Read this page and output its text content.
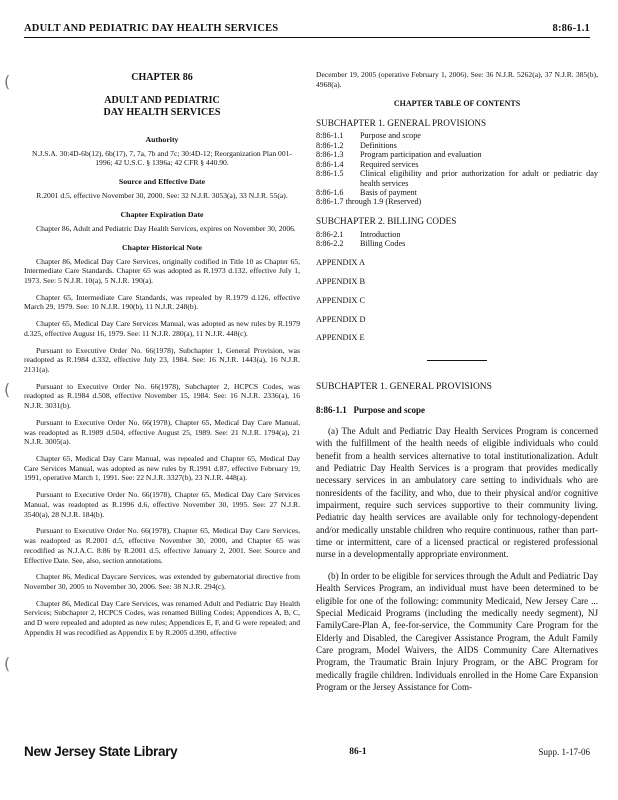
ADULT AND PEDIATRIC DAY HEALTH SERVICES	8:86-1.1
(
(
(
CHAPTER 86
ADULT AND PEDIATRIC
DAY HEALTH SERVICES
Authority
N.J.S.A. 30:4D-6b(12), 6b(17), 7, 7a, 7b and 7c; 30:4D-12; Reorganization Plan 001-1996; 42 U.S.C. § 1396a; 42 CFR § 440.90.
Source and Effective Date
R.2001 d.5, effective November 30, 2000. See: 32 N.J.R. 3053(a), 33 N.J.R. 55(a).
Chapter Expiration Date
Chapter 86, Adult and Pediatric Day Health Services, expires on November 30, 2006.
Chapter Historical Note
Chapter 86, Medical Day Care Services, originally codified in Title 10 as Chapter 65, Intermediate Care Standards. Chapter 65 was adopted as R.1973 d.132, effective July 1, 1973. See: 5 N.J.R. 10(a), 5 N.J.R. 190(a).
Chapter 65, Intermediate Care Standards, was repealed by R.1979 d.126, effective March 29, 1979. See: 10 N.J.R. 190(b), 11 N.J.R. 248(b).
Chapter 65, Medical Day Care Services Manual, was adopted as new rules by R.1979 d.325, effective August 16, 1979. See: 11 N.J.R. 280(a), 11 N.J.R. 448(c).
Pursuant to Executive Order No. 66(1978), Subchapter 1, General Provision, was readopted as R.1984 d.332, effective July 23, 1984. See: 16 N.J.R. 1443(a), 16 N.J.R. 2131(a).
Pursuant to Executive Order No. 66(1978), Subchapter 2, HCPCS Codes, was readopted as R.1984 d.508, effective November 15, 1984. See: 16 N.J.R. 2336(a), 16 N.J.R. 3031(b).
Pursuant to Executive Order No. 66(1978), Chapter 65, Medical Day Care Manual, was readopted as R.1989 d.504, effective August 25, 1989. See: 21 N.J.R. 1794(a), 21 N.J.R. 3005(a).
Chapter 65, Medical Day Care Manual, was repealed and Chapter 65, Medical Day Care Services Manual, was adopted as new rules by R.1991 d.87, effective February 19, 1991, operative March 1, 1991. See: 22 N.J.R. 3327(b), 23 N.J.R. 448(a).
Pursuant to Executive Order No. 66(1978), Chapter 65, Medical Day Care Services Manual, was readopted as R.1996 d.6, effective November 30, 1995. See: 27 N.J.R. 3540(a), 28 N.J.R. 184(b).
Pursuant to Executive Order No. 66(1978), Chapter 65, Medical Day Care Services, was readopted as R.2001 d.5, effective November 30, 2000, and Chapter 65 was recodified as N.J.A.C. 8:86 by R.2001 d.5, effective January 2, 2001. See: Source and Effective Date. See, also, section annotations.
Chapter 86, Medical Daycare Services, was extended by gubernatorial directive from November 30, 2005 to November 30, 2006. See: 38 N.J.R. 294(c).
Chapter 86, Medical Day Care Services, was renamed Adult and Pediatric Day Health Services; Subchapter 2, HCPCS Codes, was renamed Billing Codes; Appendices A, B, C, and D were repealed and adopted as new rules; Appendices E, F, and G were repealed; and Appendix H was recodified as Appendix E by R.2005 d.390, effective
December 19, 2005 (operative February 1, 2006). See: 36 N.J.R. 5262(a), 37 N.J.R. 385(b), 4968(a).
CHAPTER TABLE OF CONTENTS
SUBCHAPTER 1. GENERAL PROVISIONS
8:86-1.1	Purpose and scope
8:86-1.2	Definitions
8:86-1.3	Program participation and evaluation
8:86-1.4	Required services
8:86-1.5	Clinical eligibility and prior authorization for adult or pediatric day health services
8:86-1.6	Basis of payment
8:86-1.7 through 1.9 (Reserved)
SUBCHAPTER 2. BILLING CODES
8:86-2.1	Introduction
8:86-2.2	Billing Codes
APPENDIX A
APPENDIX B
APPENDIX C
APPENDIX D
APPENDIX E
SUBCHAPTER 1. GENERAL PROVISIONS
8:86-1.1 Purpose and scope
(a) The Adult and Pediatric Day Health Services Program is concerned with the fulfillment of the health needs of eligible individuals who could benefit from a health services alternative to total institutionalization. Adult and Pediatric Day Health Services is a program that provides medically necessary services in an ambulatory care setting to individuals who are nonresidents of the facility, and who, due to their physical and/or cognitive impairment, require such services supportive to their community living. Pediatric day health services are available only for technology-dependent and/or medically unstable children who require continuous, rather than part-time or intermittent, care of a licensed practical or registered professional nurse in a developmentally appropriate environment.
(b) In order to be eligible for services through the Adult and Pediatric Day Health Services Program, an individual must have been determined to be eligible for one of the following: community Medicaid, New Jersey Care ... Special Medicaid Programs (including the medically needy segment), NJ FamilyCare-Plan A, fee-for-service, the Community Care Program for the Elderly and Disabled, the Caregiver Assistance Program, the Adult Family Care program, Model Waivers, the AIDS Community Care Alternatives Program, the Traumatic Brain Injury Program, or the ABC Program for medically fragile children. Individuals enrolled in the Home Care Expansion Program or the Jersey Assistance for Com-
New Jersey State Library	86-1	Supp. 1-17-06
